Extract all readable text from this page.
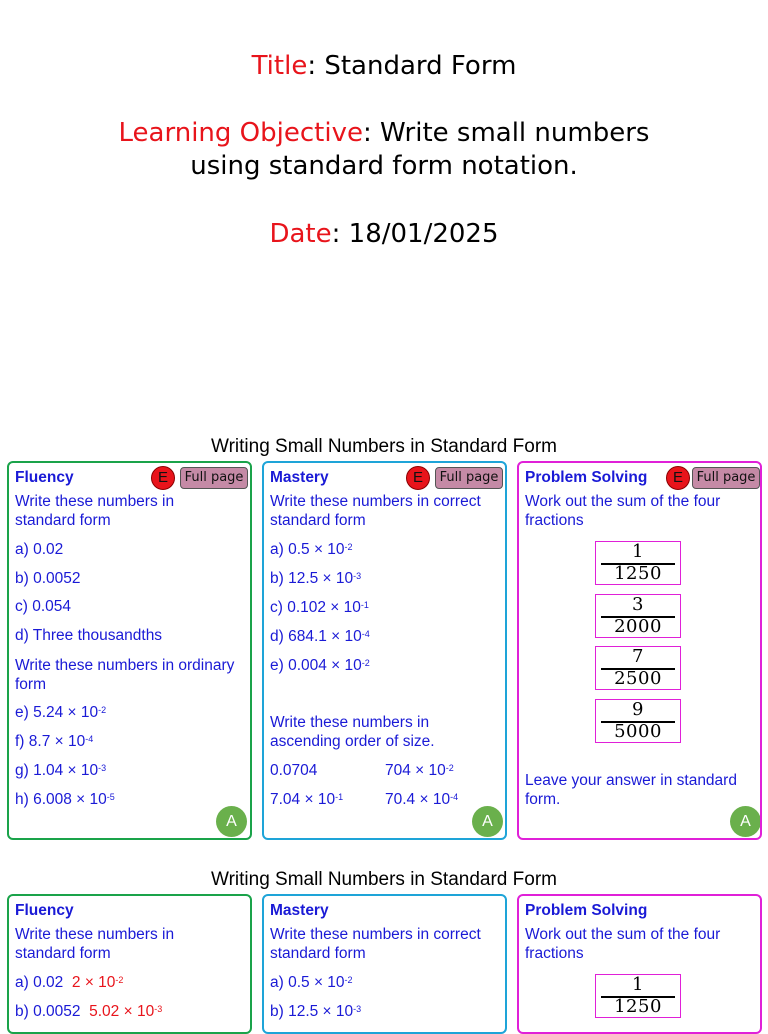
Title: Standard Form
Learning Objective: Write small numbers
using standard form notation.
Date: 18/01/2025
Writing Small Numbers in Standard Form
Fluency	E	Full page
Write these numbers in
standard form
a) 0.02
b) 0.0052
c) 0.054
d) Three thousandths
Write these numbers in ordinary
form
e) $5.24 \times 10^{-2}$
f) $8.7 \times 10^{-4}$
g) $1.04 \times 10^{-3}$
h) $6.008 \times 10^{-5}$
A
Mastery	E	Full page
Write these numbers in correct
standard form
a) $0.5 \times 10^{-2}$
b) $12.5 \times 10^{-3}$
c) $0.102 \times 10^{-1}$
d) $684.1 \times 10^{-4}$
e) $0.004 \times 10^{-2}$
Write these numbers in
ascending order of size.
0.0704	$704 \times 10^{-2}$
$7.04 \times 10^{-1}$	$70.4 \times 10^{-4}$
A
Problem Solving	E	Full page
Work out the sum of the four
fractions
1
1250
3
2000
7
2500
9
5000
Leave your answer in standard
form.
A
Writing Small Numbers in Standard Form
Fluency
Write these numbers in
standard form
a) 0.02 $2 \times 10^{-2}$
b) 0.0052 $5.02 \times 10^{-3}$
Mastery
Write these numbers in correct
standard form
a) $0.5 \times 10^{-2}$
b) $12.5 \times 10^{-3}$
Problem Solving
Work out the sum of the four
fractions
1
1250
